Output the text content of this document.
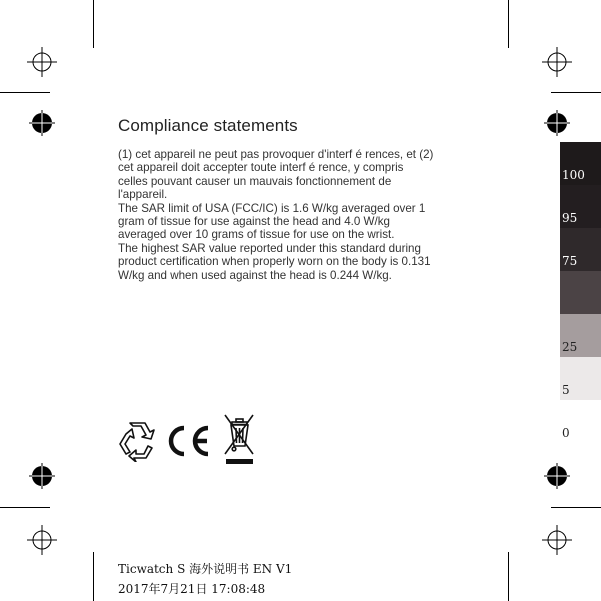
Compliance statements

(1) cet appareil ne peut pas provoquer d'interf é rences, et (2)

cet appareil doit accepter toute interf é rence, y compris

celles pouvant causer un mauvais fonctionnement de

l'appareil.

The SAR limit of USA (FCC/IC) is 1.6 W/kg averaged over 1

gram of tissue for use against the head and 4.0 W/kg

averaged over 10 grams of tissue for use on the wrist.

The highest SAR value reported under this standard during

product certification when properly worn on the body is 0.131

W/kg and when used against the head is 0.244 W/kg.

100
95
75
25
5
0
Ticwatch S 海外说明书 EN V1
2017年7月21日 17:08:48
